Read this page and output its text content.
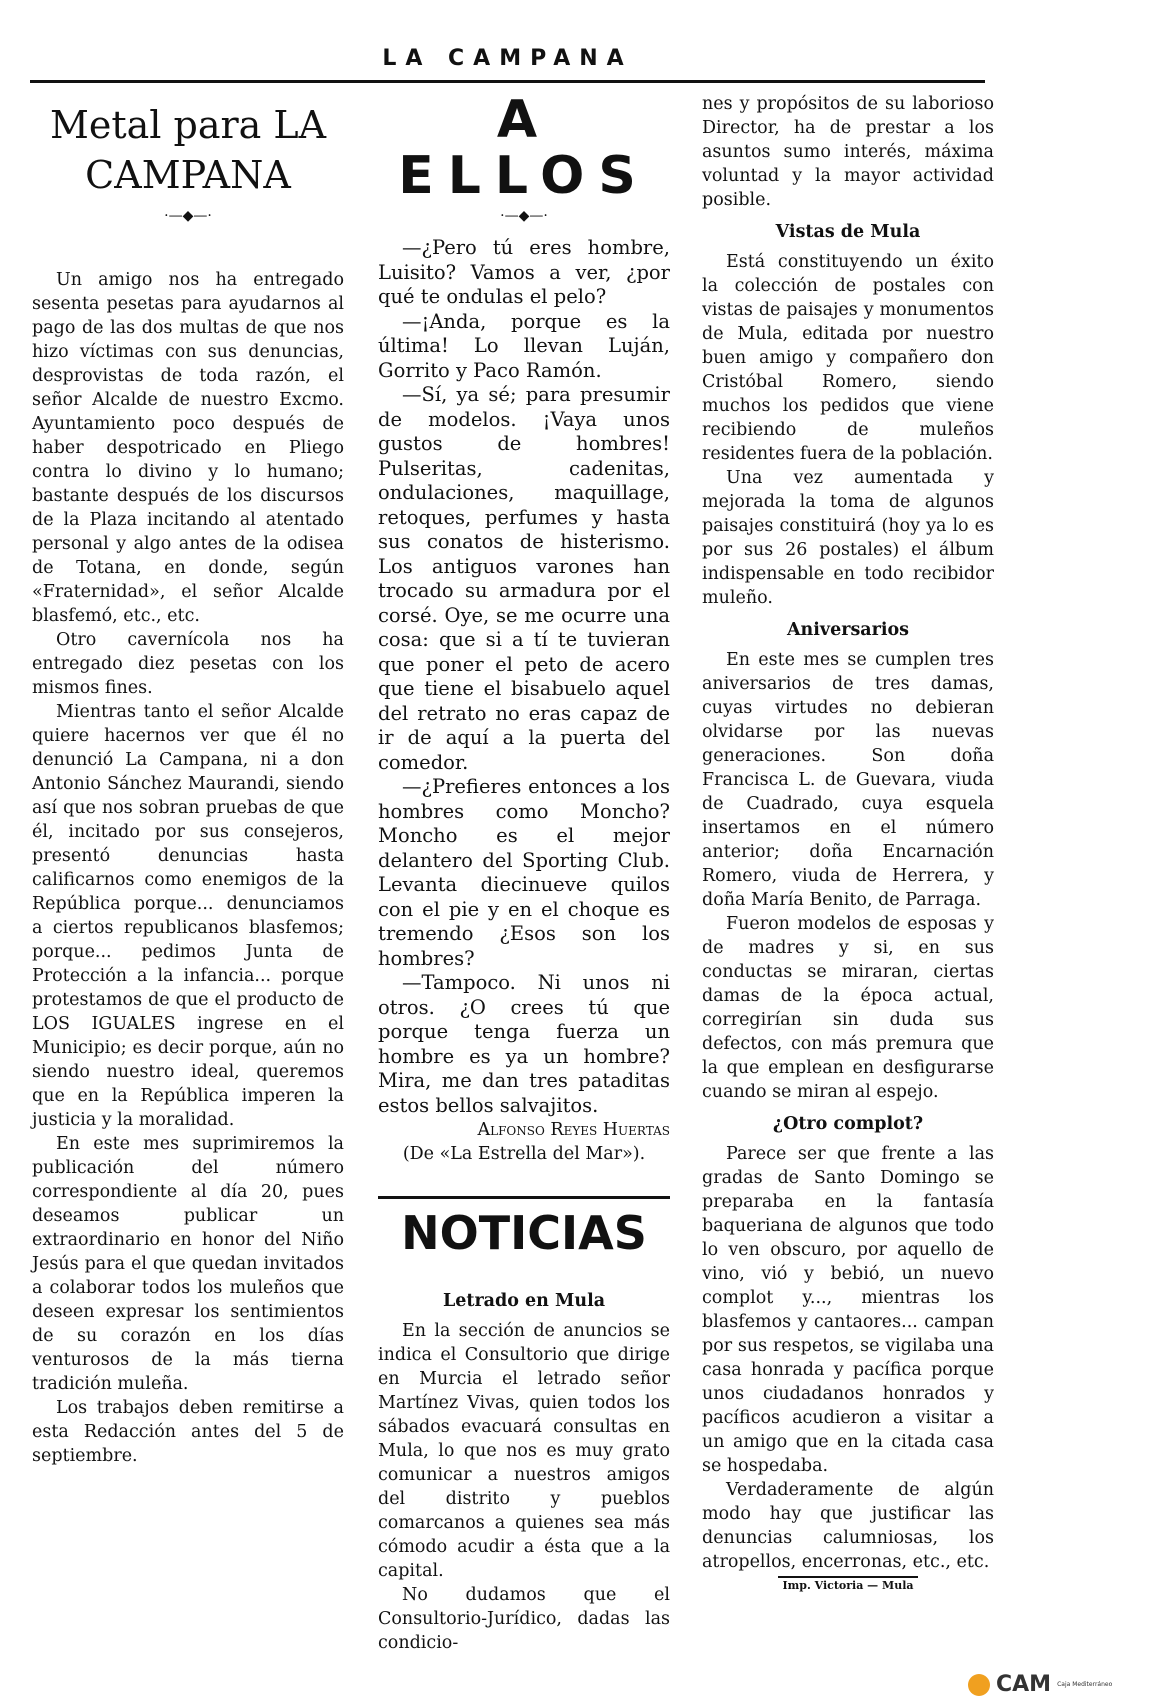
LA CAMPANA

Metal para LA CAMPANA

·—◆—·

Un amigo nos ha entregado sesenta pesetas para ayudarnos al pago de las dos multas de que nos hizo víctimas con sus denuncias, desprovistas de toda razón, el señor Alcalde de nuestro Excmo. Ayuntamiento poco después de haber despotricado en Pliego contra lo divino y lo humano; bastante después de los discursos de la Plaza incitando al atentado personal y algo antes de la odisea de Totana, en donde, según «Fraternidad», el señor Alcalde blasfemó, etc., etc.

Otro cavernícola nos ha entregado diez pesetas con los mismos fines.

Mientras tanto el señor Alcalde quiere hacernos ver que él no denunció La Campana, ni a don Antonio Sánchez Maurandi, siendo así que nos sobran pruebas de que él, incitado por sus consejeros, presentó denuncias hasta calificarnos como enemigos de la República porque... denunciamos a ciertos republicanos blasfemos; porque... pedimos Junta de Protección a la infancia... porque protestamos de que el producto de LOS IGUALES ingrese en el Municipio; es decir porque, aún no siendo nuestro ideal, queremos que en la República imperen la justicia y la moralidad.

En este mes suprimiremos la publicación del número correspondiente al día 20, pues deseamos publicar un extraordinario en honor del Niño Jesús para el que quedan invitados a colaborar todos los muleños que deseen expresar los sentimientos de su corazón en los días venturosos de la más tierna tradición muleña.

Los trabajos deben remitirse a esta Redacción antes del 5 de septiembre.

A ELLOS

·—◆—·

—¿Pero tú eres hombre, Luisito? Vamos a ver, ¿por qué te ondulas el pelo?

—¡Anda, porque es la última! Lo llevan Luján, Gorrito y Paco Ramón.

—Sí, ya sé; para presumir de modelos. ¡Vaya unos gustos de hombres! Pulseritas, cadenitas, ondulaciones, maquillage, retoques, perfumes y hasta sus conatos de histerismo. Los antiguos varones han trocado su armadura por el corsé. Oye, se me ocurre una cosa: que si a tí te tuvieran que poner el peto de acero que tiene el bisabuelo aquel del retrato no eras capaz de ir de aquí a la puerta del comedor.

—¿Prefieres entonces a los hombres como Moncho? Moncho es el mejor delantero del Sporting Club. Levanta diecinueve quilos con el pie y en el choque es tremendo ¿Esos son los hombres?

—Tampoco. Ni unos ni otros. ¿O crees tú que porque tenga fuerza un hombre es ya un hombre? Mira, me dan tres pataditas estos bellos salvajitos.

Alfonso Reyes Huertas

(De «La Estrella del Mar»).

NOTICIAS

Letrado en Mula

En la sección de anuncios se indica el Consultorio que dirige en Murcia el letrado señor Martínez Vivas, quien todos los sábados evacuará consultas en Mula, lo que nos es muy grato comunicar a nuestros amigos del distrito y pueblos comarcanos a quienes sea más cómodo acudir a ésta que a la capital.

No dudamos que el Consultorio-Jurídico, dadas las condicio-

nes y propósitos de su laborioso Director, ha de prestar a los asuntos sumo interés, máxima voluntad y la mayor actividad posible.

Vistas de Mula

Está constituyendo un éxito la colección de postales con vistas de paisajes y monumentos de Mula, editada por nuestro buen amigo y compañero don Cristóbal Romero, siendo muchos los pedidos que viene recibiendo de muleños residentes fuera de la población.

Una vez aumentada y mejorada la toma de algunos paisajes constituirá (hoy ya lo es por sus 26 postales) el álbum indispensable en todo recibidor muleño.

Aniversarios

En este mes se cumplen tres aniversarios de tres damas, cuyas virtudes no debieran olvidarse por las nuevas generaciones. Son doña Francisca L. de Guevara, viuda de Cuadrado, cuya esquela insertamos en el número anterior; doña Encarnación Romero, viuda de Herrera, y doña María Benito, de Parraga.

Fueron modelos de esposas y de madres y si, en sus conductas se miraran, ciertas damas de la época actual, corregirían sin duda sus defectos, con más premura que la que emplean en desfigurarse cuando se miran al espejo.

¿Otro complot?

Parece ser que frente a las gradas de Santo Domingo se preparaba en la fantasía baqueriana de algunos que todo lo ven obscuro, por aquello de vino, vió y bebió, un nuevo complot y..., mientras los blasfemos y cantaores... campan por sus respetos, se vigilaba una casa honrada y pacífica porque unos ciudadanos honrados y pacíficos acudieron a visitar a un amigo que en la citada casa se hospedaba.

Verdaderamente de algún modo hay que justificar las denuncias calumniosas, los atropellos, encerronas, etc., etc.

Imp. Victoria — Mula

CAM Caja Mediterráneo
